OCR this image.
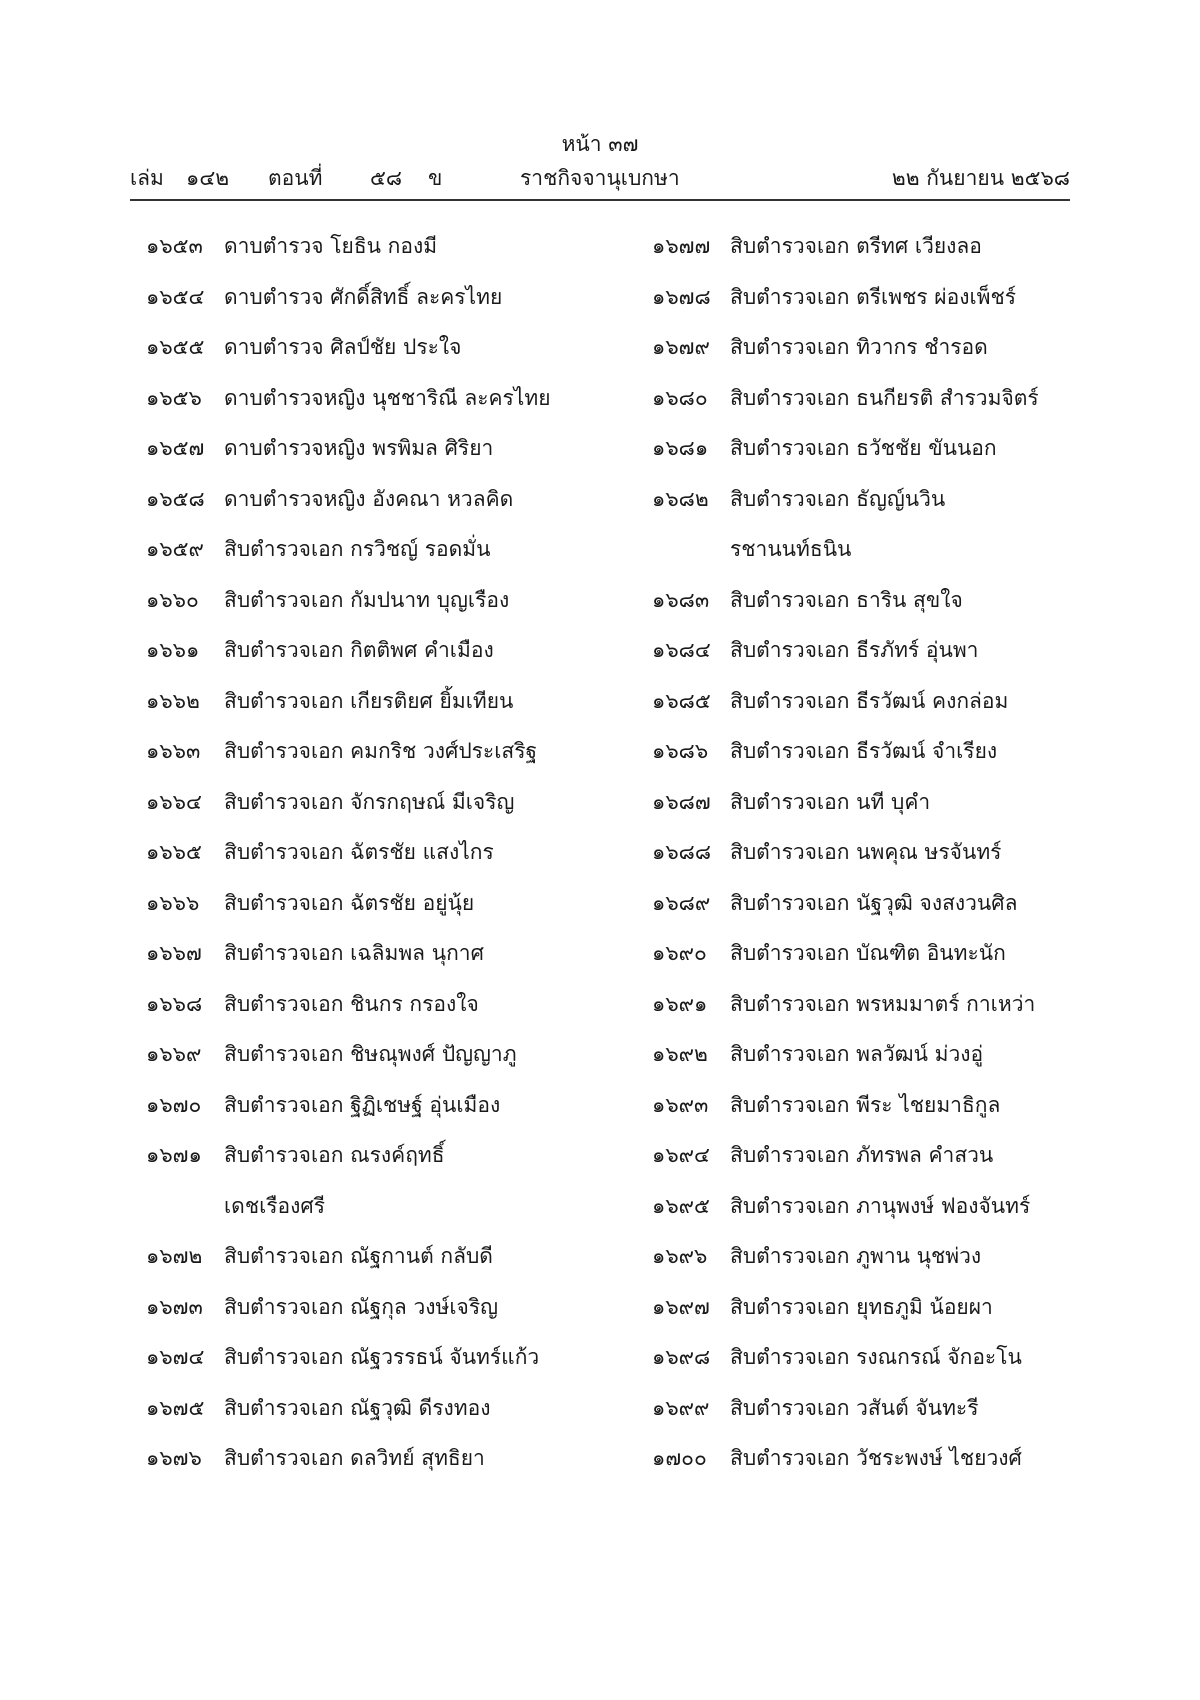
หน้า ๓๗
เล่ม ๑๔๒ ตอนที่ ๕๘ ข	ราชกิจจานุเบกษา	๒๒ กันยายน ๒๕๖๘
๑๖๕๓ ดาบตำรวจ โยธิน กองมี
๑๖๕๔ ดาบตำรวจ ศักดิ์สิทธิ์ ละครไทย
๑๖๕๕ ดาบตำรวจ ศิลป์ชัย ประใจ
๑๖๕๖ ดาบตำรวจหญิง นุชชาริณี ละครไทย
๑๖๕๗ ดาบตำรวจหญิง พรพิมล ศิริยา
๑๖๕๘ ดาบตำรวจหญิง อังคณา หวลคิด
๑๖๕๙ สิบตำรวจเอก กรวิชญ์ รอดมั่น
๑๖๖๐ สิบตำรวจเอก กัมปนาท บุญเรือง
๑๖๖๑ สิบตำรวจเอก กิตติพศ คำเมือง
๑๖๖๒ สิบตำรวจเอก เกียรติยศ ยิ้มเทียน
๑๖๖๓ สิบตำรวจเอก คมกริช วงศ์ประเสริฐ
๑๖๖๔ สิบตำรวจเอก จักรกฤษณ์ มีเจริญ
๑๖๖๕ สิบตำรวจเอก ฉัตรชัย แสงไกร
๑๖๖๖ สิบตำรวจเอก ฉัตรชัย อยู่นุ้ย
๑๖๖๗ สิบตำรวจเอก เฉลิมพล นุกาศ
๑๖๖๘ สิบตำรวจเอก ชินกร กรองใจ
๑๖๖๙ สิบตำรวจเอก ชิษณุพงศ์ ปัญญาภู
๑๖๗๐ สิบตำรวจเอก ฐิฏิเชษฐ์ อุ่นเมือง
๑๖๗๑ สิบตำรวจเอก ณรงค์ฤทธิ์
เดชเรืองศรี
๑๖๗๒ สิบตำรวจเอก ณัฐกานต์ กลับดี
๑๖๗๓ สิบตำรวจเอก ณัฐกุล วงษ์เจริญ
๑๖๗๔ สิบตำรวจเอก ณัฐวรรธน์ จันทร์แก้ว
๑๖๗๕ สิบตำรวจเอก ณัฐวุฒิ ดีรงทอง
๑๖๗๖ สิบตำรวจเอก ดลวิทย์ สุทธิยา
๑๖๗๗ สิบตำรวจเอก ตรีทศ เวียงลอ
๑๖๗๘ สิบตำรวจเอก ตรีเพชร ผ่องเพ็ชร์
๑๖๗๙ สิบตำรวจเอก ทิวากร ชำรอด
๑๖๘๐ สิบตำรวจเอก ธนกียรติ สำรวมจิตร์
๑๖๘๑ สิบตำรวจเอก ธวัชชัย ขันนอก
๑๖๘๒ สิบตำรวจเอก ธัญญ์นวิน
รชานนท์ธนิน
๑๖๘๓ สิบตำรวจเอก ธาริน สุขใจ
๑๖๘๔ สิบตำรวจเอก ธีรภัทร์ อุ่นพา
๑๖๘๕ สิบตำรวจเอก ธีรวัฒน์ คงกล่อม
๑๖๘๖ สิบตำรวจเอก ธีรวัฒน์ จำเรียง
๑๖๘๗ สิบตำรวจเอก นที บุคำ
๑๖๘๘ สิบตำรวจเอก นพคุณ ษรจันทร์
๑๖๘๙ สิบตำรวจเอก นัฐวุฒิ จงสงวนศิล
๑๖๙๐ สิบตำรวจเอก บัณฑิต อินทะนัก
๑๖๙๑ สิบตำรวจเอก พรหมมาตร์ กาเหว่า
๑๖๙๒ สิบตำรวจเอก พลวัฒน์ ม่วงอู่
๑๖๙๓ สิบตำรวจเอก พีระ ไชยมาธิกูล
๑๖๙๔ สิบตำรวจเอก ภัทรพล คำสวน
๑๖๙๕ สิบตำรวจเอก ภานุพงษ์ ฟองจันทร์
๑๖๙๖ สิบตำรวจเอก ภูพาน นุชพ่วง
๑๖๙๗ สิบตำรวจเอก ยุทธภูมิ น้อยผา
๑๖๙๘ สิบตำรวจเอก รงณกรณ์ จักอะโน
๑๖๙๙ สิบตำรวจเอก วสันต์ จันทะรี
๑๗๐๐ สิบตำรวจเอก วัชระพงษ์ ไชยวงศ์
